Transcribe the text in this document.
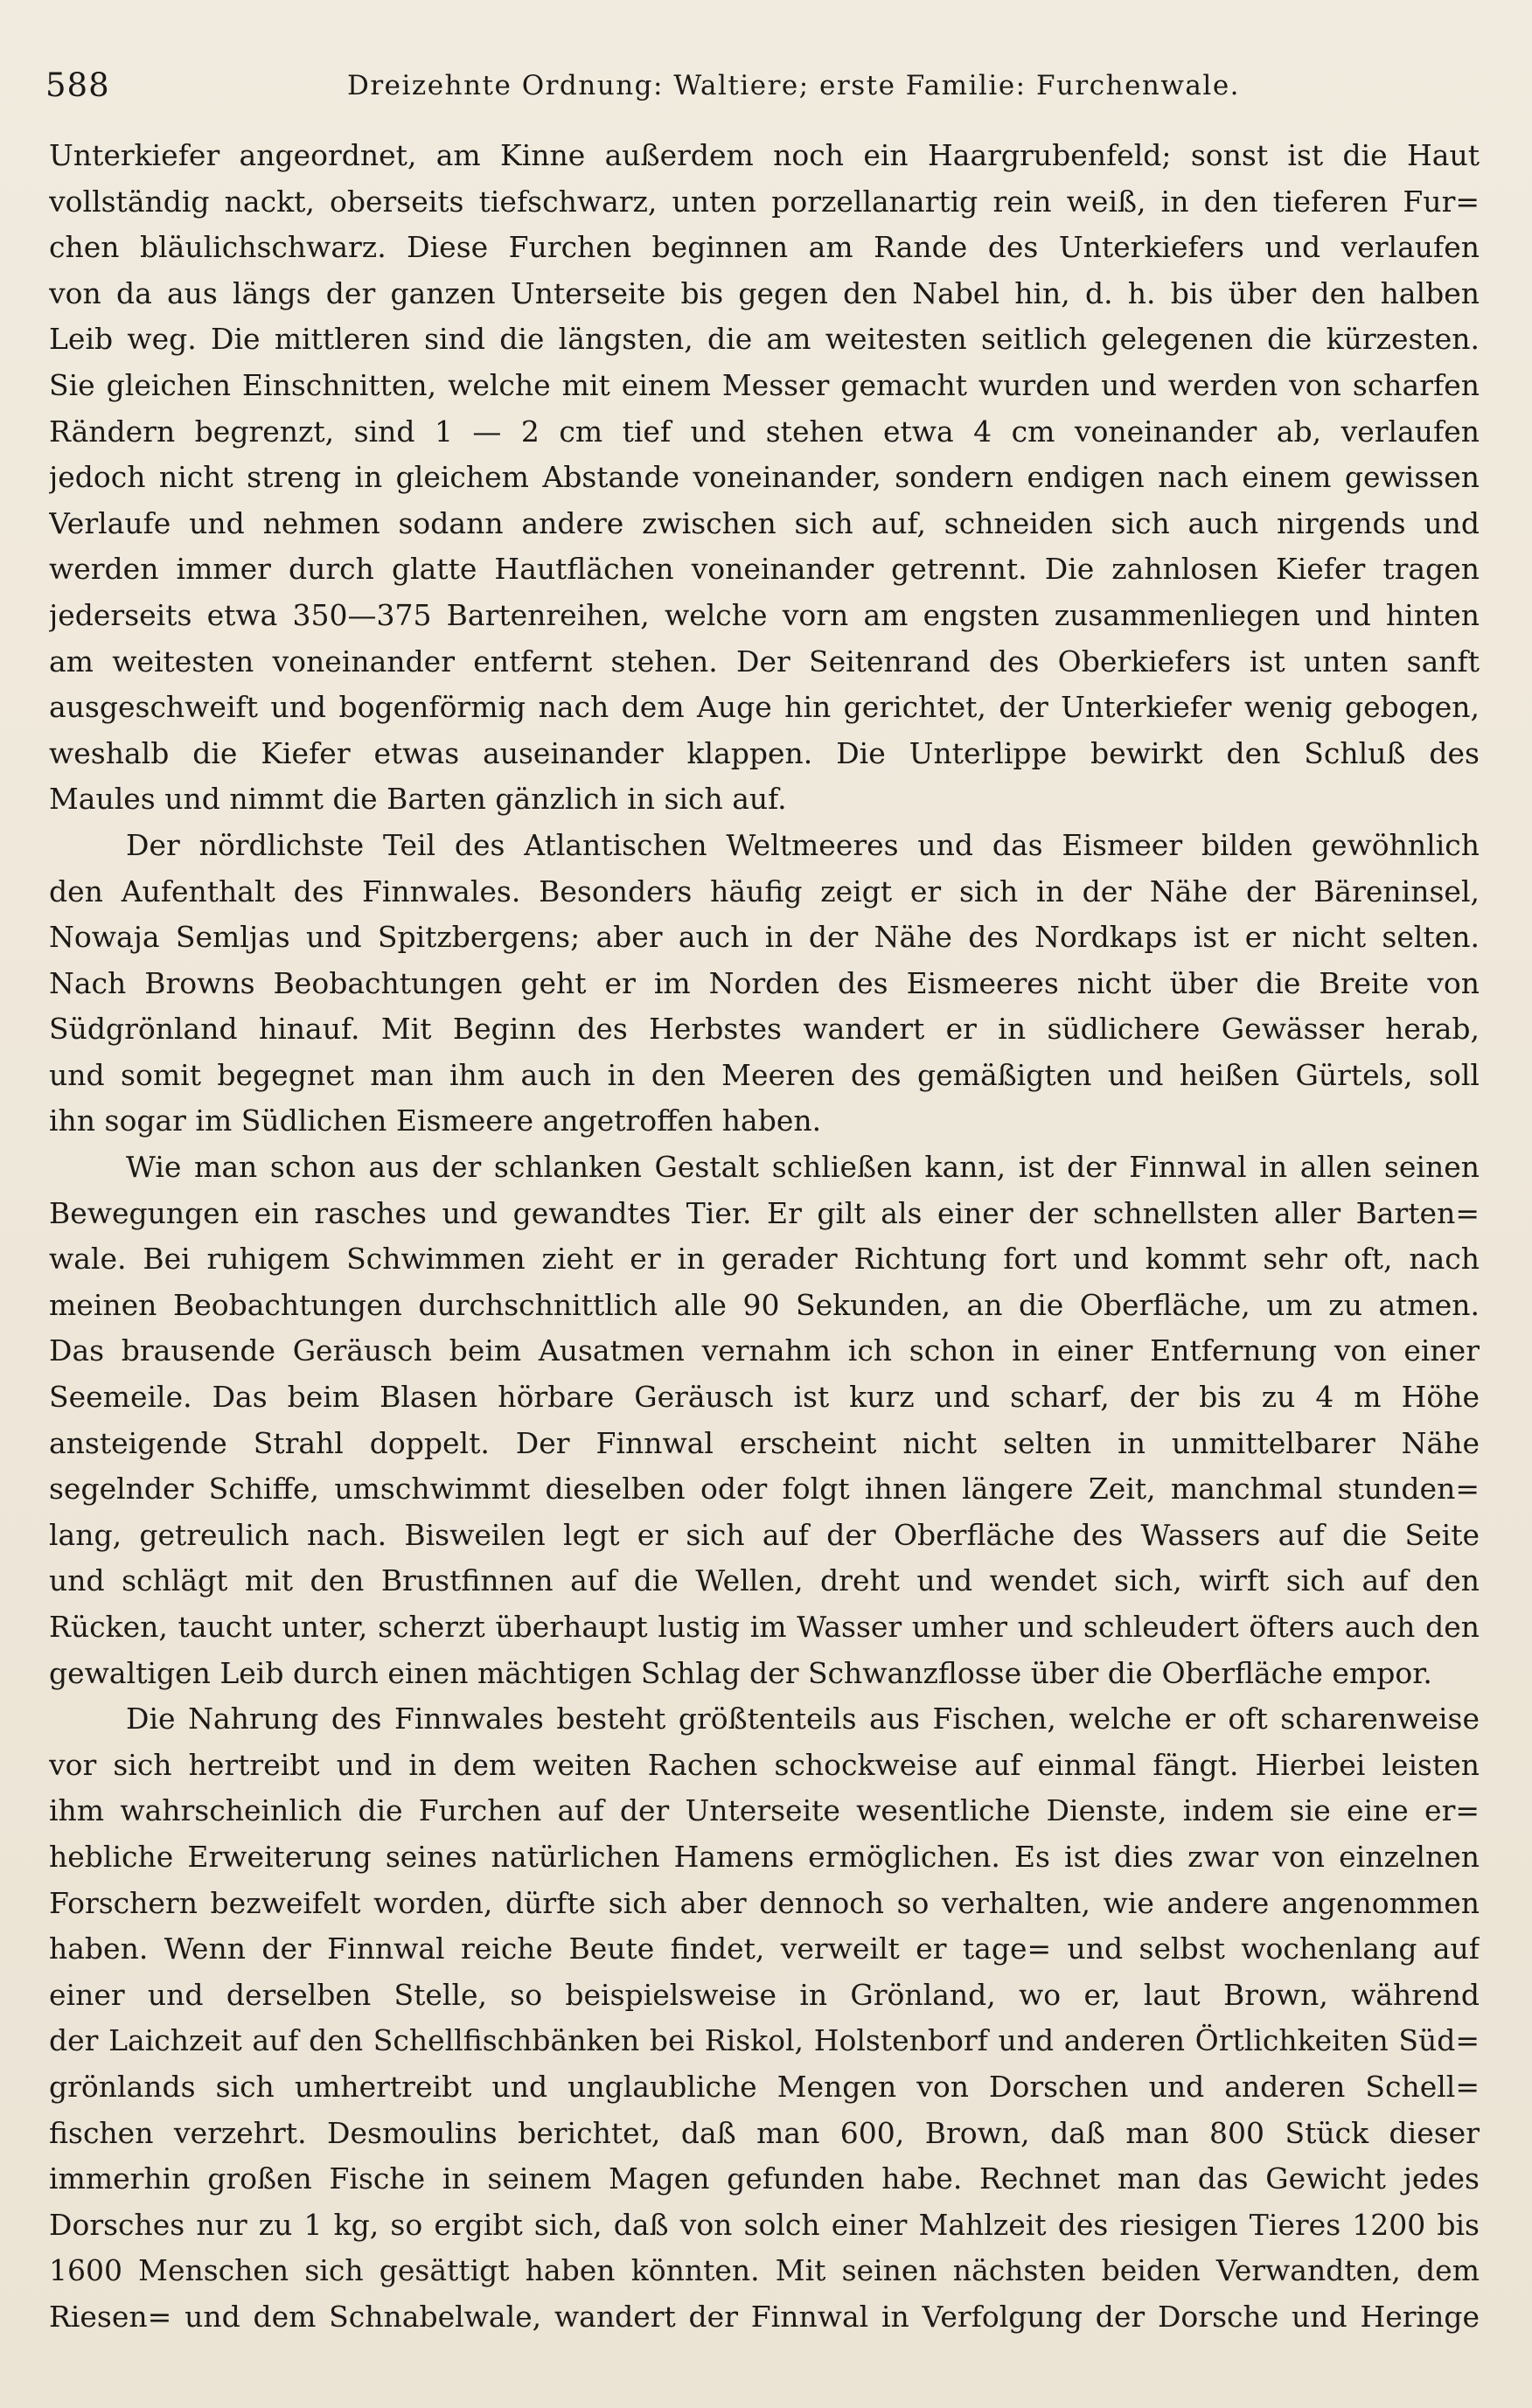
588	Dreizehnte Ordnung: Waltiere; erste Familie: Furchenwale.
Unterkiefer angeordnet, am Kinne außerdem noch ein Haargrubenfeld; sonst ist die Haut
vollständig nackt, oberseits tiefschwarz, unten porzellanartig rein weiß, in den tieferen Fur=
chen bläulichschwarz. Diese Furchen beginnen am Rande des Unterkiefers und verlaufen
von da aus längs der ganzen Unterseite bis gegen den Nabel hin, d. h. bis über den halben
Leib weg. Die mittleren sind die längsten, die am weitesten seitlich gelegenen die kürzesten.
Sie gleichen Einschnitten, welche mit einem Messer gemacht wurden und werden von scharfen
Rändern begrenzt, sind 1 — 2 cm tief und stehen etwa 4 cm voneinander ab, verlaufen
jedoch nicht streng in gleichem Abstande voneinander, sondern endigen nach einem gewissen
Verlaufe und nehmen sodann andere zwischen sich auf, schneiden sich auch nirgends und
werden immer durch glatte Hautflächen voneinander getrennt. Die zahnlosen Kiefer tragen
jederseits etwa 350—375 Bartenreihen, welche vorn am engsten zusammenliegen und hinten
am weitesten voneinander entfernt stehen. Der Seitenrand des Oberkiefers ist unten sanft
ausgeschweift und bogenförmig nach dem Auge hin gerichtet, der Unterkiefer wenig gebogen,
weshalb die Kiefer etwas auseinander klappen. Die Unterlippe bewirkt den Schluß des
Maules und nimmt die Barten gänzlich in sich auf.
Der nördlichste Teil des Atlantischen Weltmeeres und das Eismeer bilden gewöhnlich
den Aufenthalt des Finnwales. Besonders häufig zeigt er sich in der Nähe der Bäreninsel,
Nowaja Semljas und Spitzbergens; aber auch in der Nähe des Nordkaps ist er nicht selten.
Nach Browns Beobachtungen geht er im Norden des Eismeeres nicht über die Breite von
Südgrönland hinauf. Mit Beginn des Herbstes wandert er in südlichere Gewässer herab,
und somit begegnet man ihm auch in den Meeren des gemäßigten und heißen Gürtels, soll
ihn sogar im Südlichen Eismeere angetroffen haben.
Wie man schon aus der schlanken Gestalt schließen kann, ist der Finnwal in allen seinen
Bewegungen ein rasches und gewandtes Tier. Er gilt als einer der schnellsten aller Barten=
wale. Bei ruhigem Schwimmen zieht er in gerader Richtung fort und kommt sehr oft, nach
meinen Beobachtungen durchschnittlich alle 90 Sekunden, an die Oberfläche, um zu atmen.
Das brausende Geräusch beim Ausatmen vernahm ich schon in einer Entfernung von einer
Seemeile. Das beim Blasen hörbare Geräusch ist kurz und scharf, der bis zu 4 m Höhe
ansteigende Strahl doppelt. Der Finnwal erscheint nicht selten in unmittelbarer Nähe
segelnder Schiffe, umschwimmt dieselben oder folgt ihnen längere Zeit, manchmal stunden=
lang, getreulich nach. Bisweilen legt er sich auf der Oberfläche des Wassers auf die Seite
und schlägt mit den Brustfinnen auf die Wellen, dreht und wendet sich, wirft sich auf den
Rücken, taucht unter, scherzt überhaupt lustig im Wasser umher und schleudert öfters auch den
gewaltigen Leib durch einen mächtigen Schlag der Schwanzflosse über die Oberfläche empor.
Die Nahrung des Finnwales besteht größtenteils aus Fischen, welche er oft scharenweise
vor sich hertreibt und in dem weiten Rachen schockweise auf einmal fängt. Hierbei leisten
ihm wahrscheinlich die Furchen auf der Unterseite wesentliche Dienste, indem sie eine er=
hebliche Erweiterung seines natürlichen Hamens ermöglichen. Es ist dies zwar von einzelnen
Forschern bezweifelt worden, dürfte sich aber dennoch so verhalten, wie andere angenommen
haben. Wenn der Finnwal reiche Beute findet, verweilt er tage= und selbst wochenlang auf
einer und derselben Stelle, so beispielsweise in Grönland, wo er, laut Brown, während
der Laichzeit auf den Schellfischbänken bei Riskol, Holstenborf und anderen Örtlichkeiten Süd=
grönlands sich umhertreibt und unglaubliche Mengen von Dorschen und anderen Schell=
fischen verzehrt. Desmoulins berichtet, daß man 600, Brown, daß man 800 Stück dieser
immerhin großen Fische in seinem Magen gefunden habe. Rechnet man das Gewicht jedes
Dorsches nur zu 1 kg, so ergibt sich, daß von solch einer Mahlzeit des riesigen Tieres 1200 bis
1600 Menschen sich gesättigt haben könnten. Mit seinen nächsten beiden Verwandten, dem
Riesen= und dem Schnabelwale, wandert der Finnwal in Verfolgung der Dorsche und Heringe
